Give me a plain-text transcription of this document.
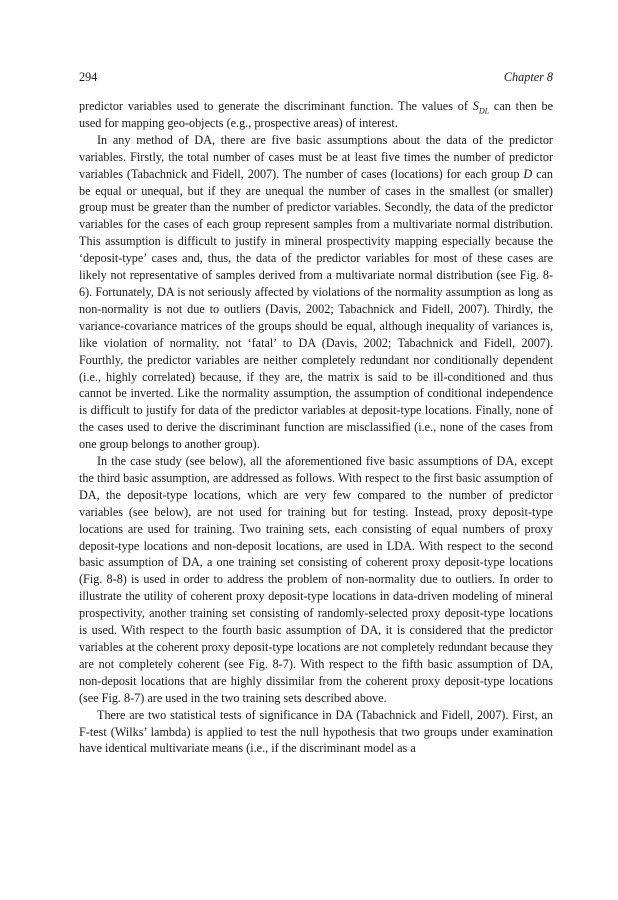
294	Chapter 8

predictor variables used to generate the discriminant function. The values of $S_{DL}$ can then be used for mapping geo-objects (e.g., prospective areas) of interest.

In any method of DA, there are five basic assumptions about the data of the predictor variables. Firstly, the total number of cases must be at least five times the number of predictor variables (Tabachnick and Fidell, 2007). The number of cases (locations) for each group D can be equal or unequal, but if they are unequal the number of cases in the smallest (or smaller) group must be greater than the number of predictor variables. Secondly, the data of the predictor variables for the cases of each group represent samples from a multivariate normal distribution. This assumption is difficult to justify in mineral prospectivity mapping especially because the ‘deposit-type’ cases and, thus, the data of the predictor variables for most of these cases are likely not representative of samples derived from a multivariate normal distribution (see Fig. 8-6). Fortunately, DA is not seriously affected by violations of the normality assumption as long as non-normality is not due to outliers (Davis, 2002; Tabachnick and Fidell, 2007). Thirdly, the variance-covariance matrices of the groups should be equal, although inequality of variances is, like violation of normality, not ‘fatal’ to DA (Davis, 2002; Tabachnick and Fidell, 2007). Fourthly, the predictor variables are neither completely redundant nor conditionally dependent (i.e., highly correlated) because, if they are, the matrix is said to be ill-conditioned and thus cannot be inverted. Like the normality assumption, the assumption of conditional independence is difficult to justify for data of the predictor variables at deposit-type locations. Finally, none of the cases used to derive the discriminant function are misclassified (i.e., none of the cases from one group belongs to another group).

In the case study (see below), all the aforementioned five basic assumptions of DA, except the third basic assumption, are addressed as follows. With respect to the first basic assumption of DA, the deposit-type locations, which are very few compared to the number of predictor variables (see below), are not used for training but for testing. Instead, proxy deposit-type locations are used for training. Two training sets, each consisting of equal numbers of proxy deposit-type locations and non-deposit locations, are used in LDA. With respect to the second basic assumption of DA, a one training set consisting of coherent proxy deposit-type locations (Fig. 8-8) is used in order to address the problem of non-normality due to outliers. In order to illustrate the utility of coherent proxy deposit-type locations in data-driven modeling of mineral prospectivity, another training set consisting of randomly-selected proxy deposit-type locations is used. With respect to the fourth basic assumption of DA, it is considered that the predictor variables at the coherent proxy deposit-type locations are not completely redundant because they are not completely coherent (see Fig. 8-7). With respect to the fifth basic assumption of DA, non-deposit locations that are highly dissimilar from the coherent proxy deposit-type locations (see Fig. 8-7) are used in the two training sets described above.

There are two statistical tests of significance in DA (Tabachnick and Fidell, 2007). First, an F-test (Wilks’ lambda) is applied to test the null hypothesis that two groups under examination have identical multivariate means (i.e., if the discriminant model as a
